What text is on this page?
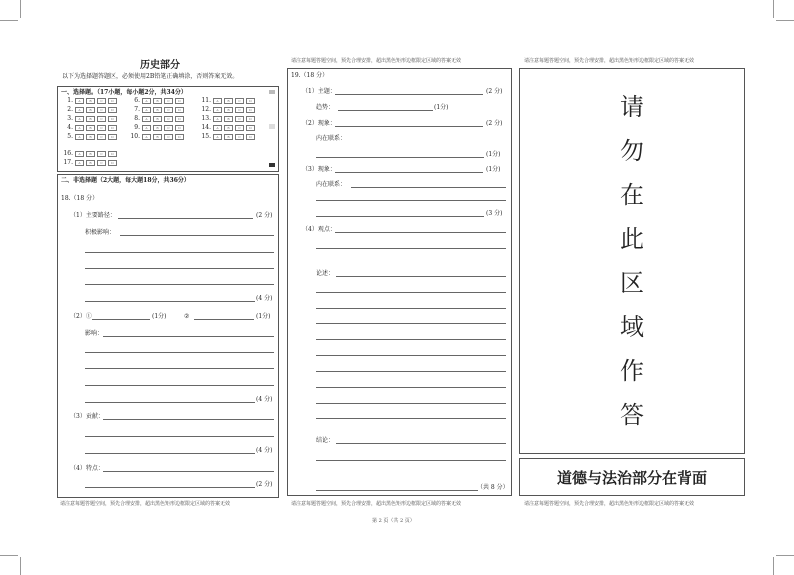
历史部分
以下为选择题答题区，必须使用2B铅笔正确填涂，否则答案无效。
一、选择题。（17小题，每小题2分，共34分）
1.	A	B	C	D
2.	A	B	C	D
3.	A	B	C	D
4.	A	B	C	D
5.	A	B	C	D
6.	A	B	C	D
7.	A	B	C	D
8.	A	B	C	D
9.	A	B	C	D
10.	A	B	C	D
11.	A	B	C	D
12.	A	B	C	D
13.	A	B	C	D
14.	A	B	C	D
15.	A	B	C	D
16.	A	B	C	D
17.	A	B	C	D
二、非选择题（2大题，每大题18分，共36分）
18.（18 分）
（1）主要路径：	(2 分)
积极影响：
(4 分)
（2）①	(1分)	②	(1分)
影响：
(4 分)
（3）贡献：
(4 分)
（4）特点：
(2 分)
请注意每题答题空间，预先合理安排，超出黑色矩形边框限定区域的答案无效
请注意每题答题空间，预先合理安排，超出黑色矩形边框限定区域的答案无效
19.（18 分）
（1）主题：	(2 分)
趋势：	(1分)
（2）现象：	(2 分)
内在联系：
(1分)
（3）现象：	(1分)
内在联系：
(3 分)
（4）观点：
论述：
结论：
（共 8 分）
请注意每题答题空间，预先合理安排，超出黑色矩形边框限定区域的答案无效
请注意每题答题空间，预先合理安排，超出黑色矩形边框限定区域的答案无效
请
勿
在
此
区
域
作
答
道德与法治部分在背面
请注意每题答题空间，预先合理安排，超出黑色矩形边框限定区域的答案无效
第 2 页（共 2 页）
